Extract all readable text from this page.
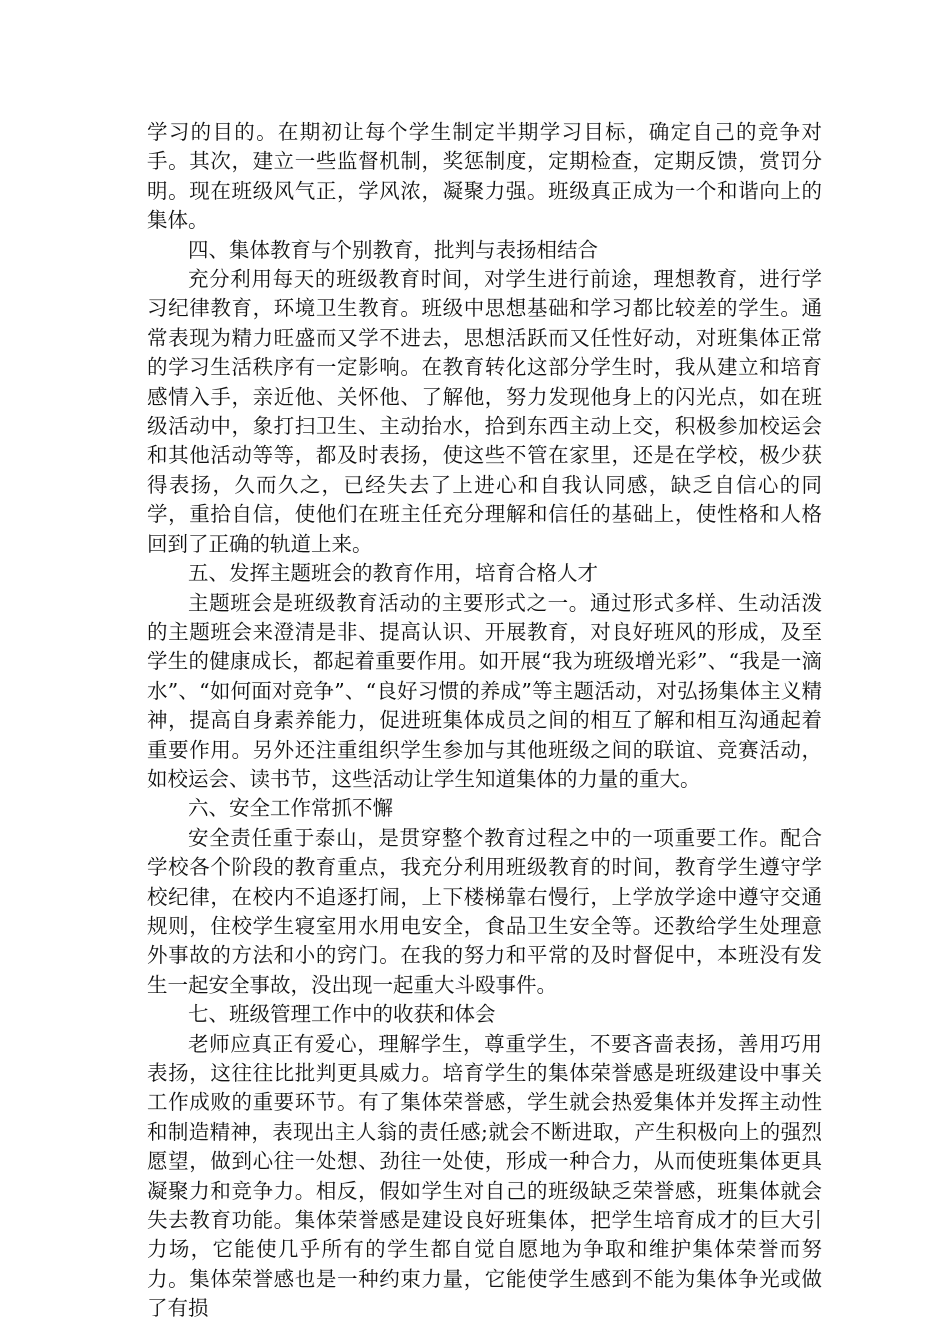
学习的目的。在期初让每个学生制定半期学习目标，确定自己的竞争对手。其次，建立一些监督机制，奖惩制度，定期检查，定期反馈，赏罚分明。现在班级风气正，学风浓，凝聚力强。班级真正成为一个和谐向上的集体。

四、集体教育与个别教育，批判与表扬相结合

充分利用每天的班级教育时间，对学生进行前途，理想教育，进行学习纪律教育，环境卫生教育。班级中思想基础和学习都比较差的学生。通常表现为精力旺盛而又学不进去，思想活跃而又任性好动，对班集体正常的学习生活秩序有一定影响。在教育转化这部分学生时，我从建立和培育感情入手，亲近他、关怀他、了解他，努力发现他身上的闪光点，如在班级活动中，象打扫卫生、主动抬水，拾到东西主动上交，积极参加校运会和其他活动等等，都及时表扬，使这些不管在家里，还是在学校，极少获得表扬，久而久之，已经失去了上进心和自我认同感，缺乏自信心的同学，重拾自信，使他们在班主任充分理解和信任的基础上，使性格和人格回到了正确的轨道上来。

五、发挥主题班会的教育作用，培育合格人才

主题班会是班级教育活动的主要形式之一。通过形式多样、生动活泼的主题班会来澄清是非、提高认识、开展教育，对良好班风的形成，及至学生的健康成长，都起着重要作用。如开展“我为班级增光彩”、“我是一滴水”、“如何面对竞争”、“良好习惯的养成”等主题活动，对弘扬集体主义精神，提高自身素养能力，促进班集体成员之间的相互了解和相互沟通起着重要作用。另外还注重组织学生参加与其他班级之间的联谊、竞赛活动，如校运会、读书节，这些活动让学生知道集体的力量的重大。

六、安全工作常抓不懈

安全责任重于泰山，是贯穿整个教育过程之中的一项重要工作。配合学校各个阶段的教育重点，我充分利用班级教育的时间，教育学生遵守学校纪律，在校内不追逐打闹，上下楼梯靠右慢行，上学放学途中遵守交通规则，住校学生寝室用水用电安全，食品卫生安全等。还教给学生处理意外事故的方法和小的窍门。在我的努力和平常的及时督促中，本班没有发生一起安全事故，没出现一起重大斗殴事件。

七、班级管理工作中的收获和体会

老师应真正有爱心，理解学生，尊重学生，不要吝啬表扬，善用巧用表扬，这往往比批判更具威力。培育学生的集体荣誉感是班级建设中事关工作成败的重要环节。有了集体荣誉感，学生就会热爱集体并发挥主动性和制造精神，表现出主人翁的责任感;就会不断进取，产生积极向上的强烈愿望，做到心往一处想、劲往一处使，形成一种合力，从而使班集体更具凝聚力和竞争力。相反，假如学生对自己的班级缺乏荣誉感，班集体就会失去教育功能。集体荣誉感是建设良好班集体，把学生培育成才的巨大引力场，它能使几乎所有的学生都自觉自愿地为争取和维护集体荣誉而努力。集体荣誉感也是一种约束力量，它能使学生感到不能为集体争光或做了有损
